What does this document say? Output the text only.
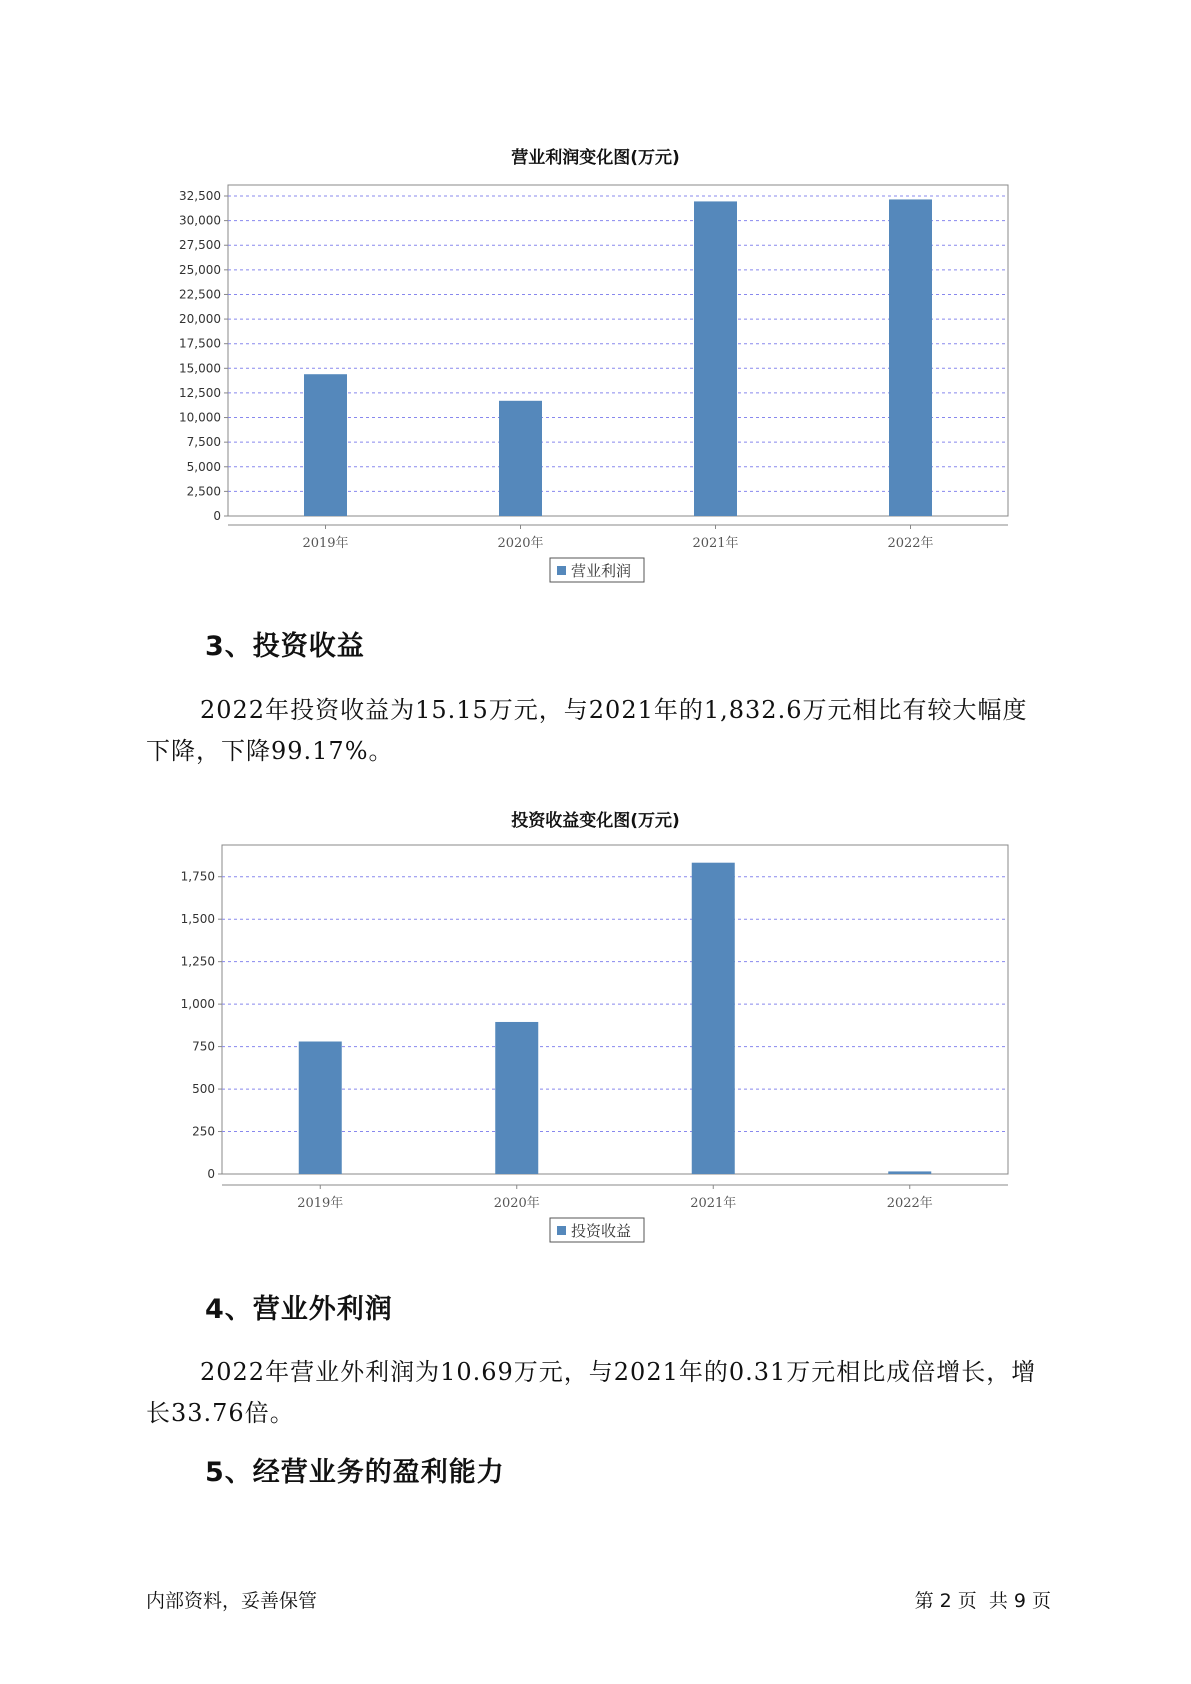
营业利润变化图(万元)
0
2,500
5,000
7,500
10,000
12,500
15,000
17,500
20,000
22,500
25,000
27,500
30,000
32,500
2019年	2020年	2021年	2022年
营业利润
3、投资收益

2022年投资收益为15.15万元，与2021年的1,832.6万元相比有较大幅度下降，下降99.17%。

投资收益变化图(万元)
0
250
500
750
1,000
1,250
1,500
1,750
2019年	2020年	2021年	2022年
投资收益
4、营业外利润

2022年营业外利润为10.69万元，与2021年的0.31万元相比成倍增长，增长33.76倍。

5、经营业务的盈利能力
内部资料，妥善保管	第 2 页  共 9 页
